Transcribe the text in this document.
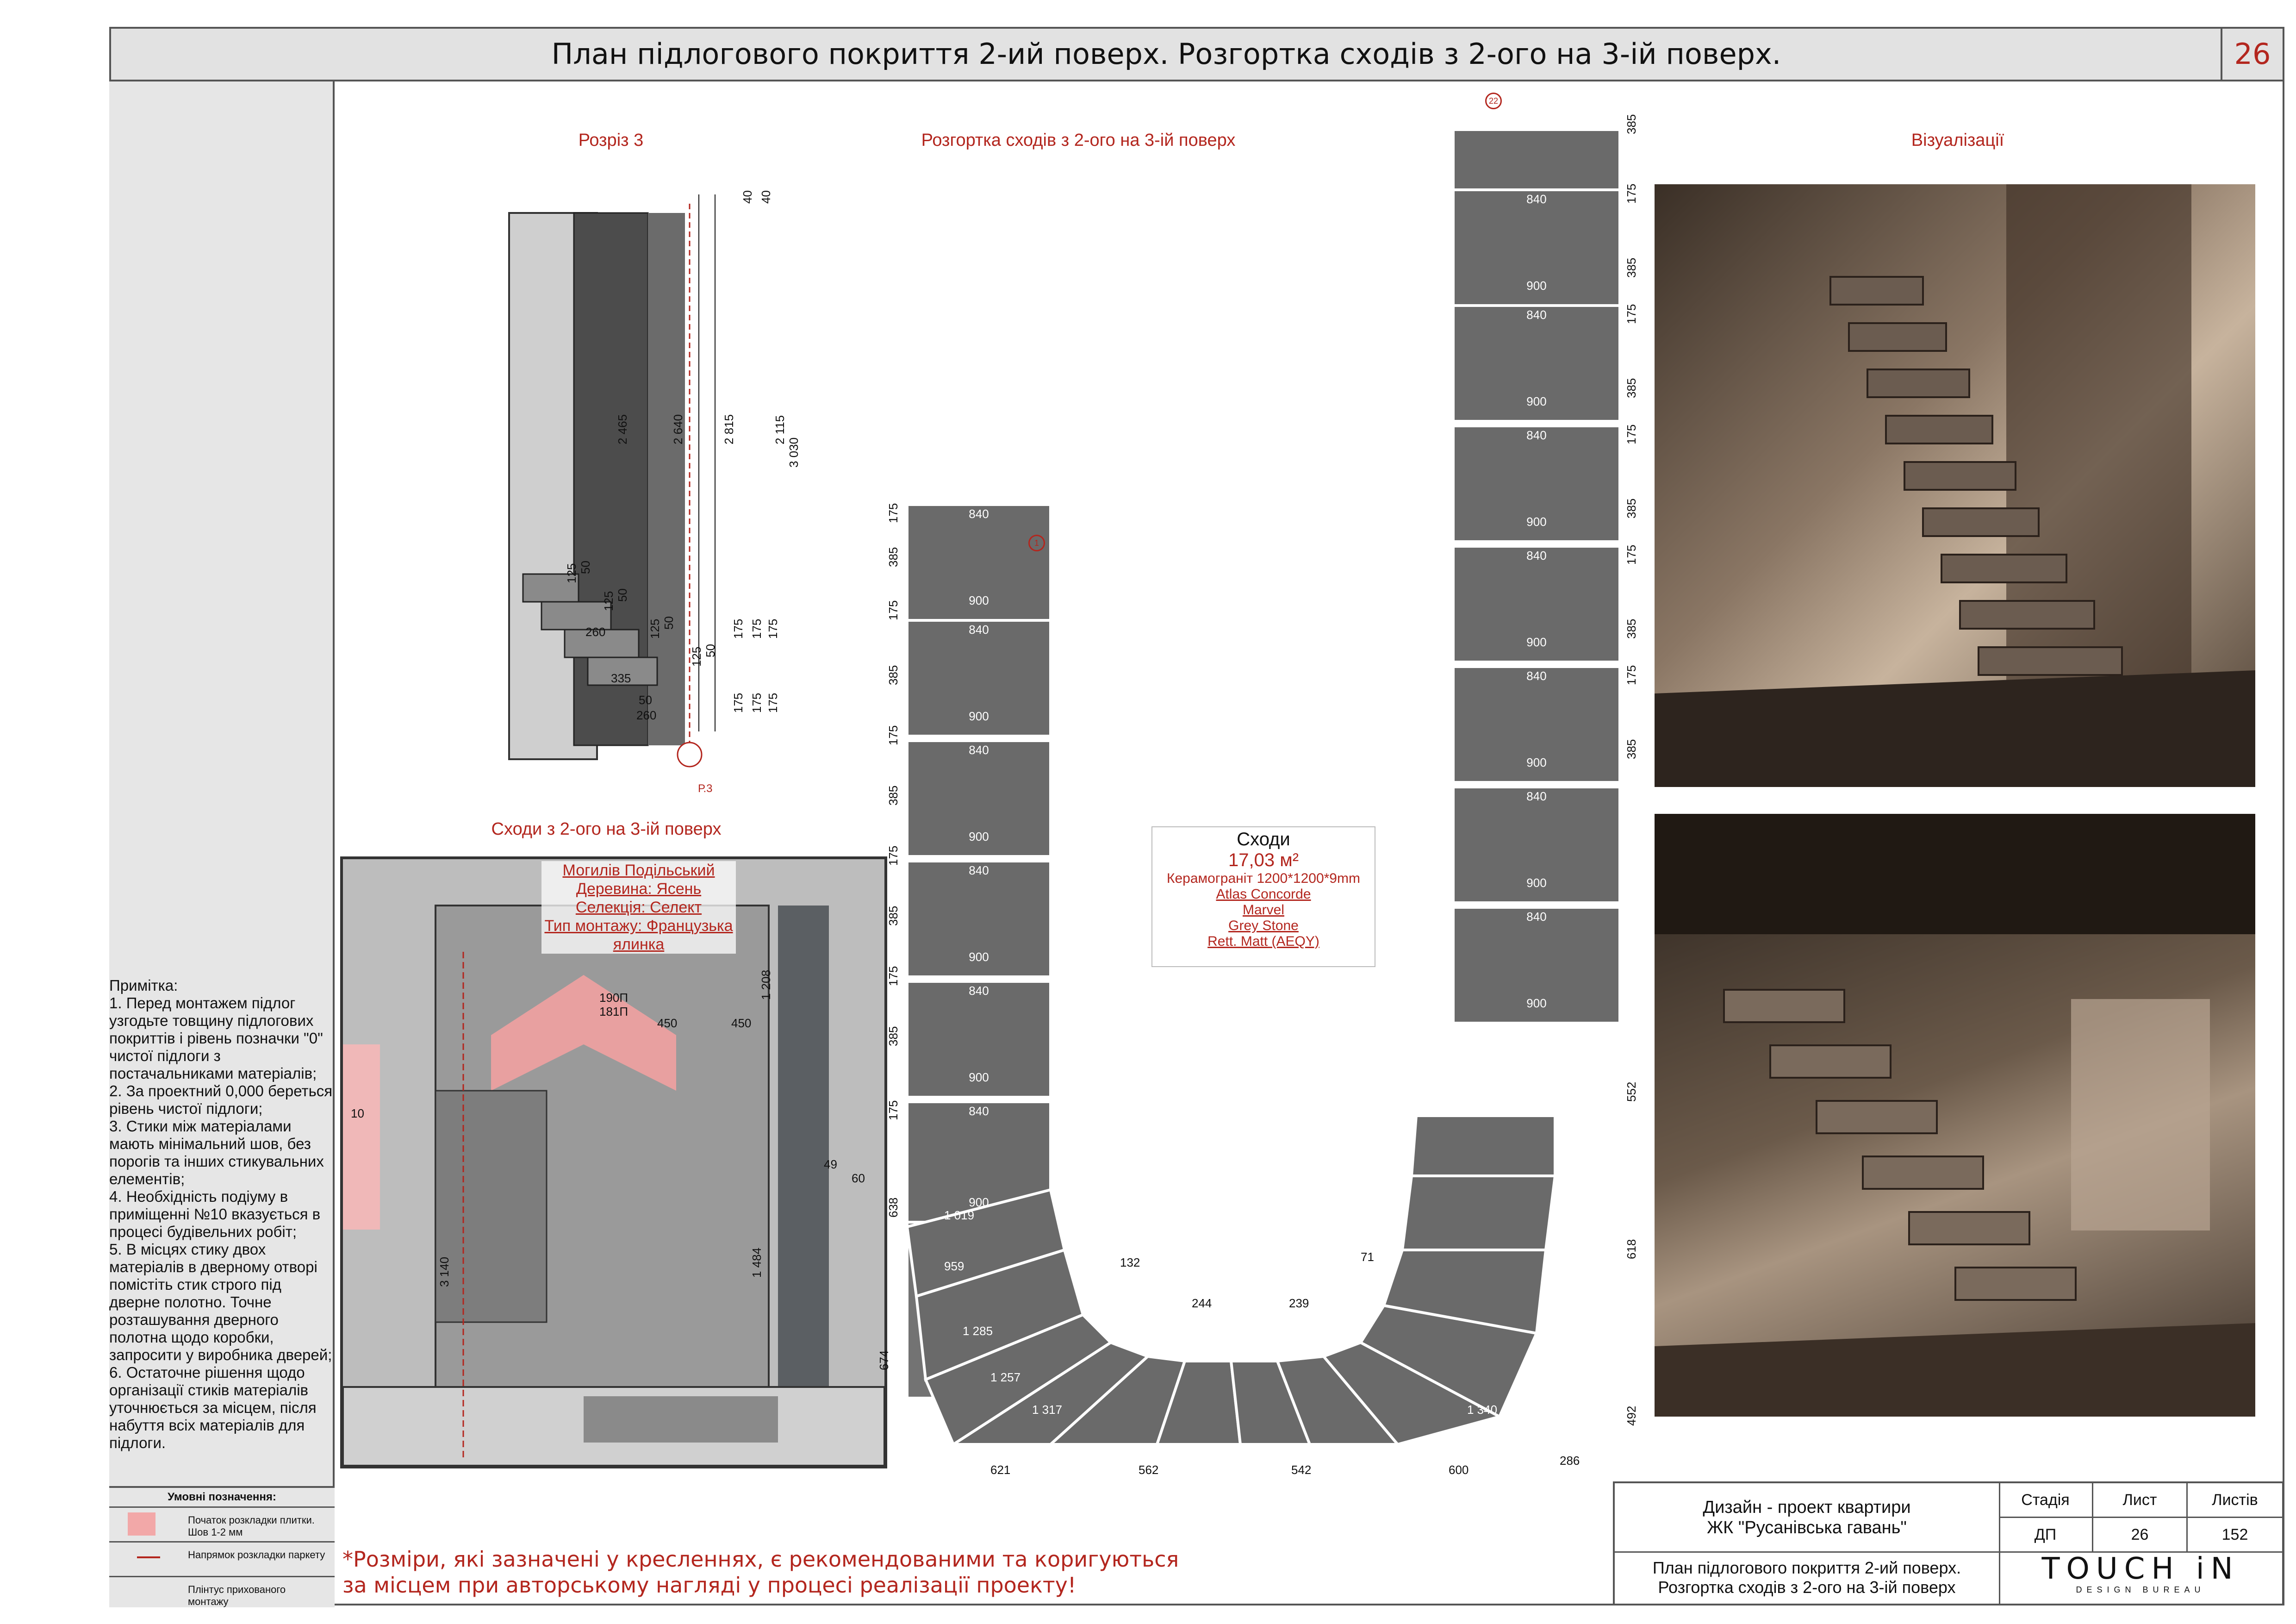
План підлогового покриття 2-ий поверх. Розгортка сходів з 2-ого на 3-ій поверх.	26
Примітка:
1. Перед монтажем підлог узгодьте товщину підлогових покриттів і рівень позначки "0" чистої підлоги з постачальниками матеріалів;
2. За проектний 0,000 береться рівень чистої підлоги;
3. Стики між матеріалами мають мінімальний шов, без порогів та інших стикувальних елементів;
4. Необхідність подіуму в приміщенні №10 вказується в процесі будівельних робіт;
5. В місцях стику двох матеріалів в дверному отворі помістіть стик строго під дверне полотно. Точне розташування дверного полотна щодо коробки, запросити у виробника дверей;
6. Остаточне рішення щодо організації стиків матеріалів уточнюється за місцем, після набуття всіх матеріалів для підлоги.
Умовні позначення:
Початок розкладки плитки. Шов 1-2 мм
Напрямок розкладки паркету
Плінтус прихованого монтажу
Розріз 3	Розгортка сходів з 2-ого на 3-ій поверх	Візуалізації
Сходи з 2-ого на 3-ій поверх
2 465	2 640	2 815	2 115
3 030
40 40
260
335
260
50
125 50
125 50
125 50
125 50
175 175 175
175 175 175
Р.3
Могилів Подільський
Деревина: Ясень
Селекція: Селект
Тип монтажу: Французька ялинка
450	450
190П
181П
3 140	1 484
10
49
60
1 208
840
900
1
840
900
840
900
840
900
840
900
840
900
385
175
385
175
385
175
385
175
385
175
175
638
674
22
840
900
840
900
840
900
840
900
840
900
840
900
840
900
385
175
385
175
385
175
385
175
385
175
385
552
618
492
621	562	542	600
286
132
244	239
71
1 019
959
1 285
1 257
1 317
1 169
1 170
1 340
956
896
Сходи
17,03 м²
Керамограніт 1200*1200*9mm
Atlas Concorde
Marvel
Grey Stone
Rett. Matt (AEQY)
*Розміри, які зазначені у кресленнях, є рекомендованими та коригуються
за місцем при авторському нагляді у процесі реалізації проекту!
Дизайн - проект квартири
ЖК "Русанівська гавань"
План підлогового покриття 2-ий поверх.
Розгортка сходів з 2-ого на 3-ій поверх
Стадія	Лист	Листів
ДП	26	152
TOUCH iN
DESIGN BUREAU
